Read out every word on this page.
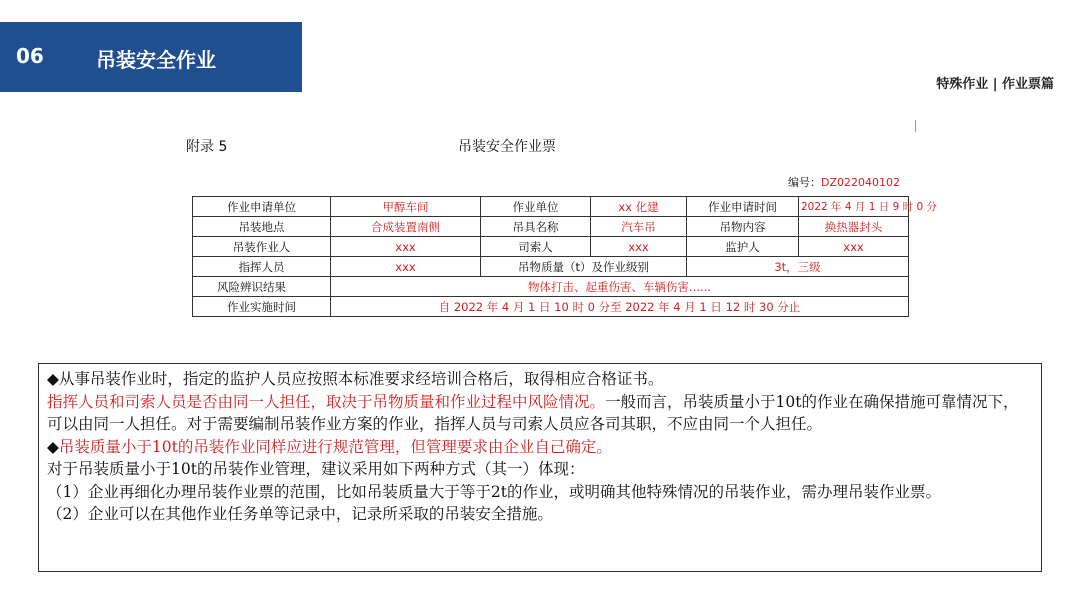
06	吊装安全作业
特殊作业 | 作业票篇
附录 5	吊装安全作业票
编号：DZ022040102
作业申请单位	甲醇车间	作业单位	xx 化建	作业申请时间	2022 年 4 月 1 日 9 时 0 分
吊装地点	合成装置南侧	吊具名称	汽车吊	吊物内容	换热器封头
吊装作业人	xxx	司索人	xxx	监护人	xxx
指挥人员	xxx	吊物质量（t）及作业级别		3t，三级	
风险辨识结果	物体打击、起重伤害、车辆伤害......				
作业实施时间	自 2022 年 4 月 1 日 10 时 0 分至 2022 年 4 月 1 日 12 时 30 分止				

◆从事吊装作业时，指定的监护人员应按照本标准要求经培训合格后，取得相应合格证书。

指挥人员和司索人员是否由同一人担任，取决于吊物质量和作业过程中风险情况。一般而言，吊装质量小于10t的作业在确保措施可靠情况下，可以由同一人担任。对于需要编制吊装作业方案的作业，指挥人员与司索人员应各司其职，不应由同一个人担任。

◆吊装质量小于10t的吊装作业同样应进行规范管理，但管理要求由企业自己确定。

对于吊装质量小于10t的吊装作业管理，建议采用如下两种方式（其一）体现：

（1）企业再细化办理吊装作业票的范围，比如吊装质量大于等于2t的作业，或明确其他特殊情况的吊装作业，需办理吊装作业票。

（2）企业可以在其他作业任务单等记录中，记录所采取的吊装安全措施。
